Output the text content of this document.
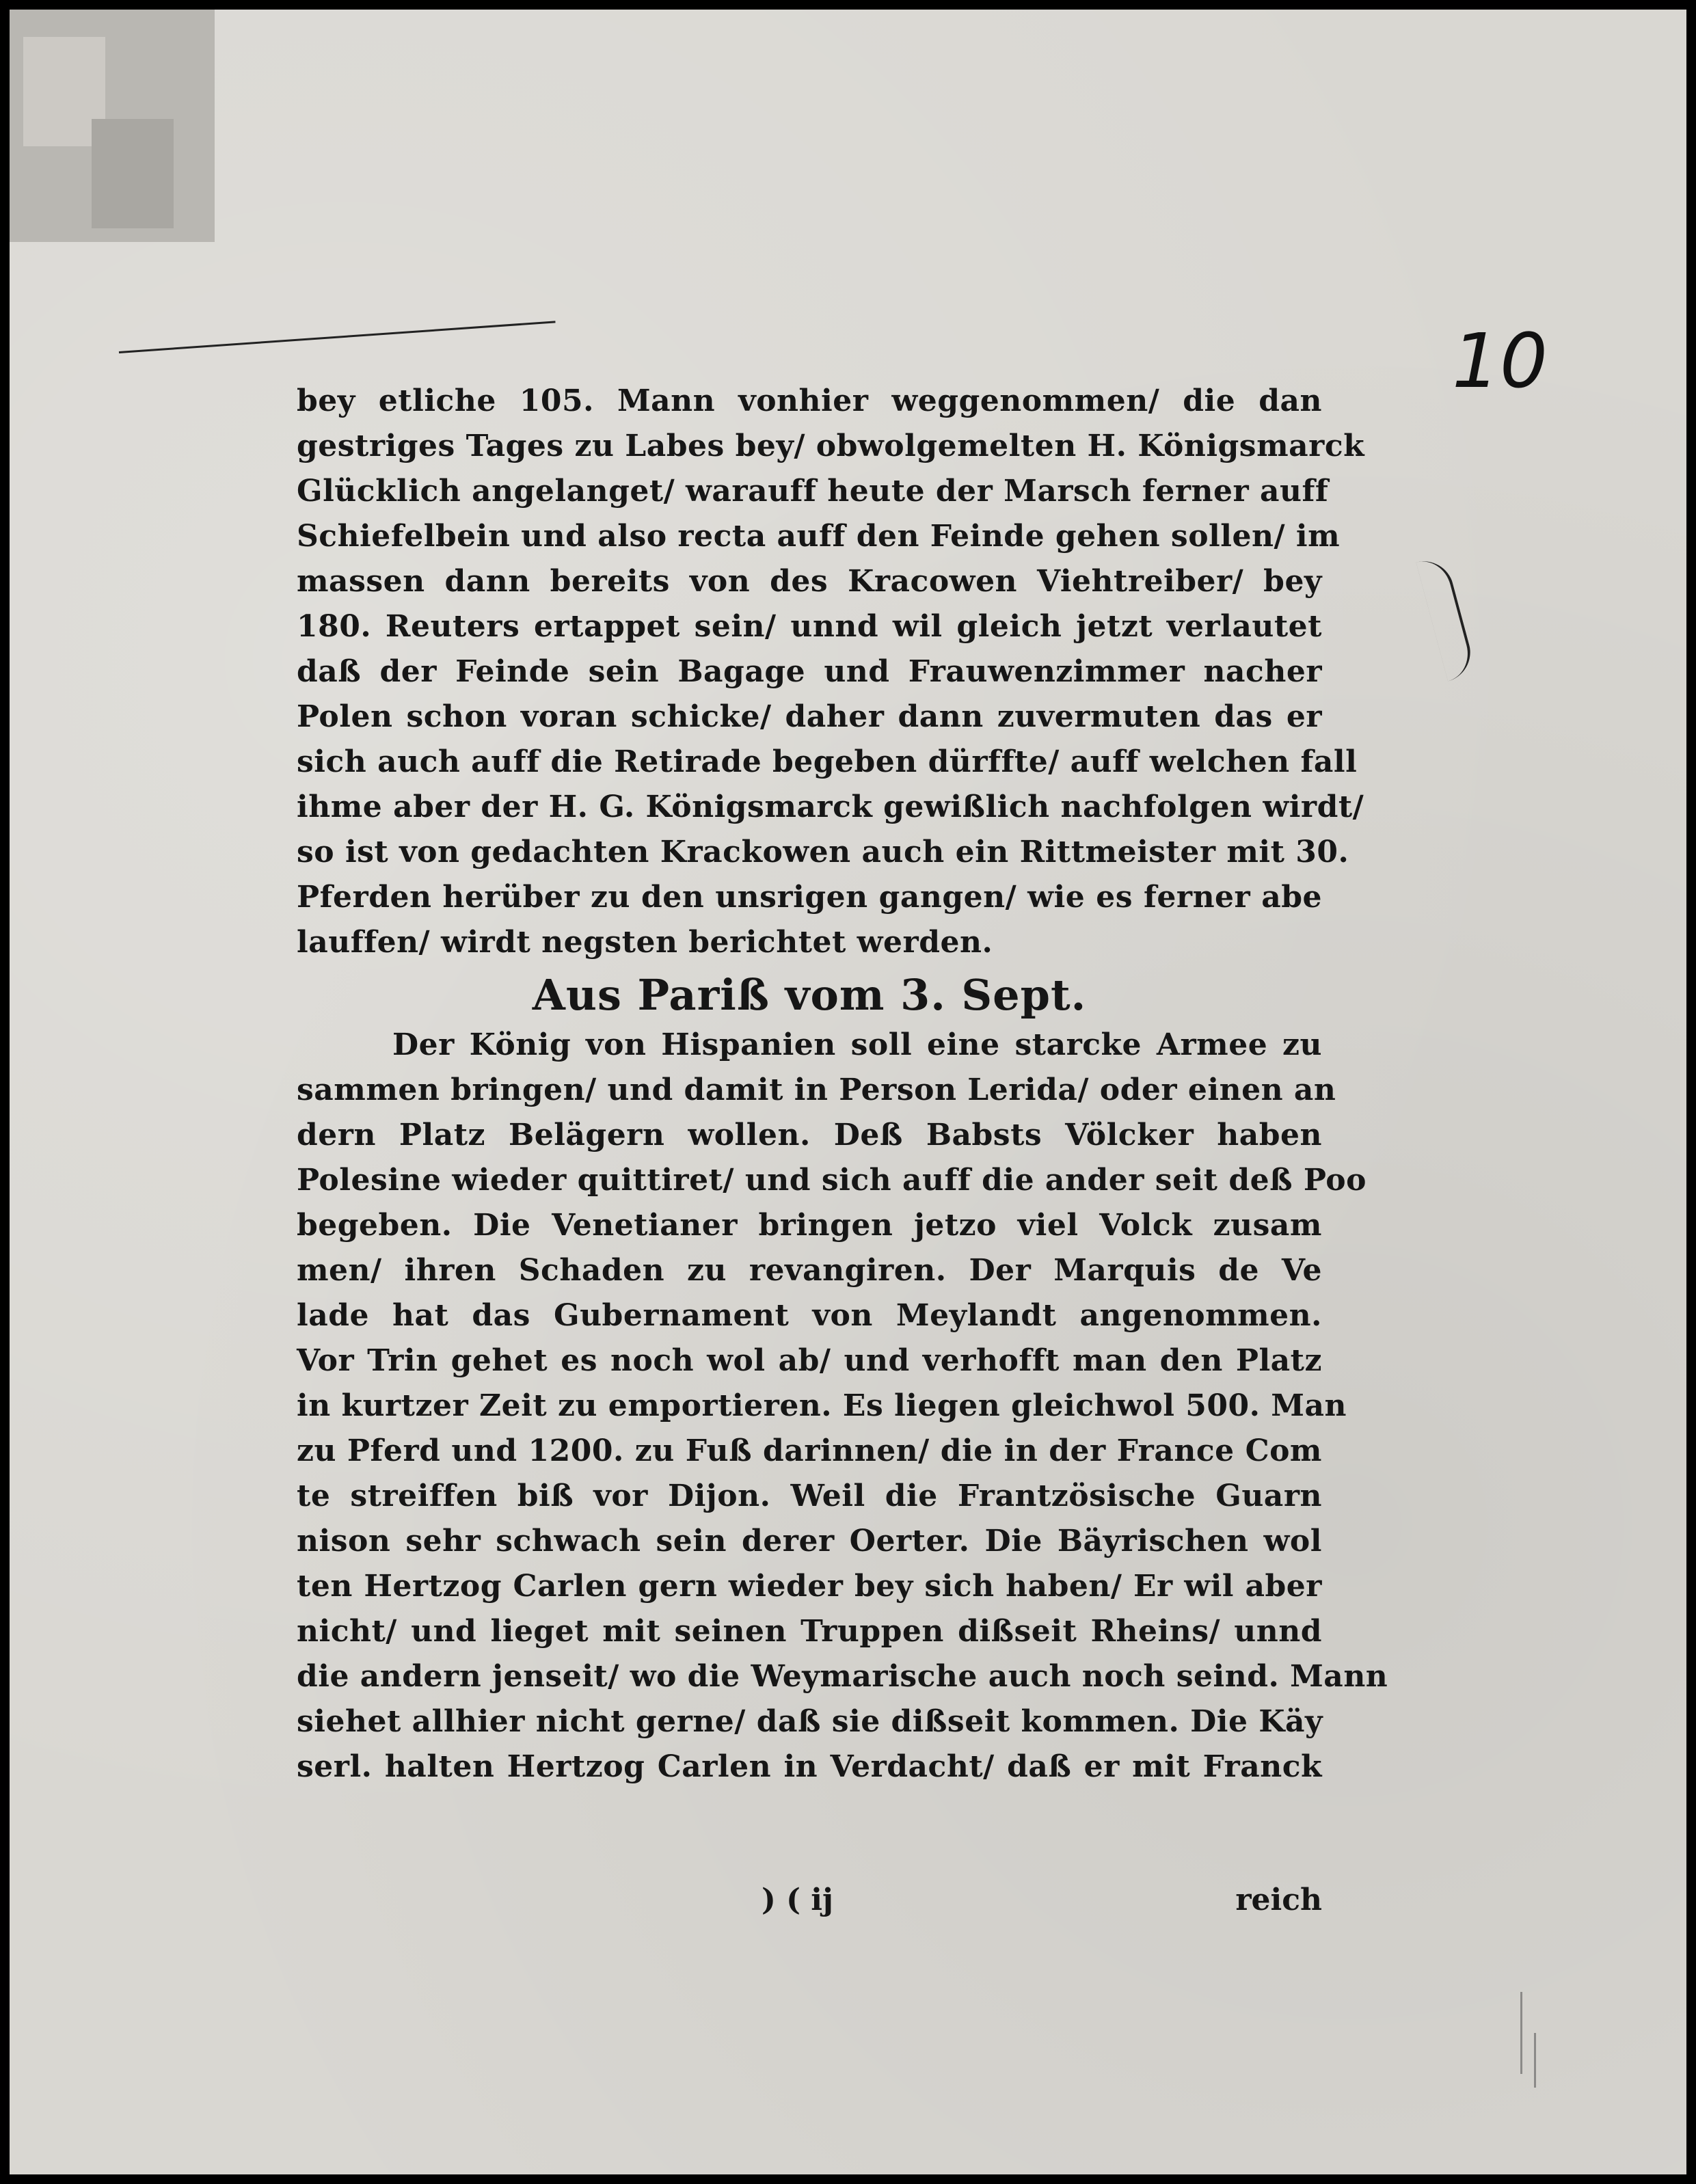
10
bey etliche 105. Mann vonhier weggenommen/ die dan
gestriges Tages zu Labes bey/ obwolgemelten H. Königsmarck
Glücklich angelanget/ warauff heute der Marsch ferner auff
Schiefelbein und also recta auff den Feinde gehen sollen/ im
massen dann bereits von des Kracowen Viehtreiber/ bey
180. Reuters ertappet sein/ unnd wil gleich jetzt verlautet
daß der Feinde sein Bagage und Frauwenzimmer nacher
Polen schon voran schicke/ daher dann zuvermuten das er
sich auch auff die Retirade begeben dürffte/ auff welchen fall
ihme aber der H. G. Königsmarck gewißlich nachfolgen wirdt/
so ist von gedachten Krackowen auch ein Rittmeister mit 30.
Pferden herüber zu den unsrigen gangen/ wie es ferner abe
lauffen/ wirdt negsten berichtet werden.
Aus Pariß vom 3. Sept.
Der König von Hispanien soll eine starcke Armee zu
sammen bringen/ und damit in Person Lerida/ oder einen an
dern Platz Belägern wollen. Deß Babsts Völcker haben
Polesine wieder quittiret/ und sich auff die ander seit deß Poo
begeben. Die Venetianer bringen jetzo viel Volck zusam
men/ ihren Schaden zu revangiren. Der Marquis de Ve
lade hat das Gubernament von Meylandt angenommen.
Vor Trin gehet es noch wol ab/ und verhofft man den Platz
in kurtzer Zeit zu emportieren. Es liegen gleichwol 500. Man
zu Pferd und 1200. zu Fuß darinnen/ die in der France Com
te streiffen biß vor Dijon. Weil die Frantzösische Guarn
nison sehr schwach sein derer Oerter. Die Bäyrischen wol
ten Hertzog Carlen gern wieder bey sich haben/ Er wil aber
nicht/ und lieget mit seinen Truppen dißseit Rheins/ unnd
die andern jenseit/ wo die Weymarische auch noch seind. Mann
siehet allhier nicht gerne/ daß sie dißseit kommen. Die Käy
serl. halten Hertzog Carlen in Verdacht/ daß er mit Franck
) ( ij	reich
